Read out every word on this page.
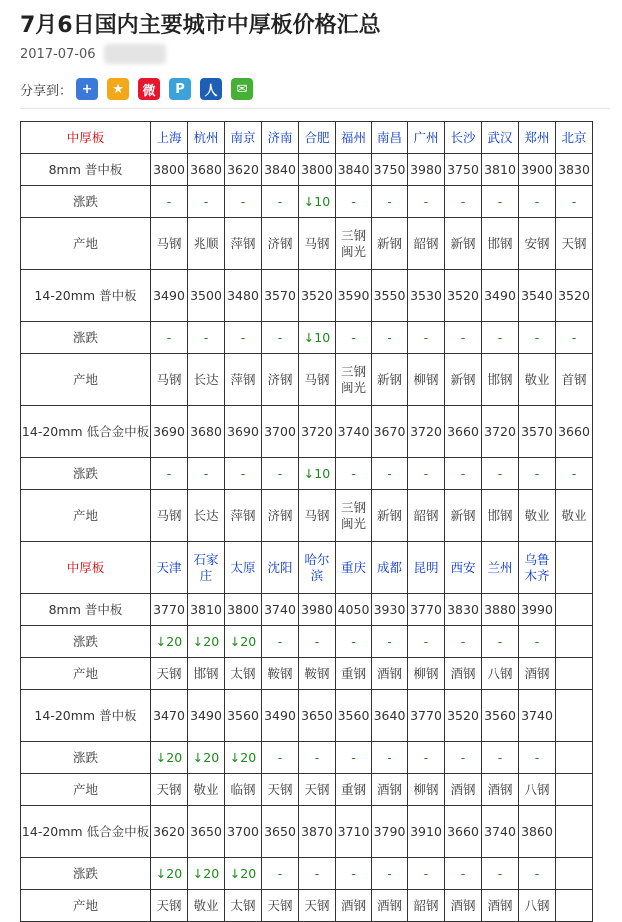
7月6日国内主要城市中厚板价格汇总
2017-07-06
分享到： +	★	微	P	人	✉
中厚板	上海	杭州	南京	济南	合肥	福州	南昌	广州	长沙	武汉	郑州	北京
8mm 普中板	3800	3680	3620	3840	3800	3840	3750	3980	3750	3810	3900	3830
涨跌	-	-	-	-	↓10	-	-	-	-	-	-	-
产地	马钢	兆顺	萍钢	济钢	马钢	三钢闽光	新钢	韶钢	新钢	邯钢	安钢	天钢
14-20mm 普中板	3490	3500	3480	3570	3520	3590	3550	3530	3520	3490	3540	3520
涨跌	-	-	-	-	↓10	-	-	-	-	-	-	-
产地	马钢	长达	萍钢	济钢	马钢	三钢闽光	新钢	柳钢	新钢	邯钢	敬业	首钢
14-20mm 低合金中板	3690	3680	3690	3700	3720	3740	3670	3720	3660	3720	3570	3660
涨跌	-	-	-	-	↓10	-	-	-	-	-	-	-
产地	马钢	长达	萍钢	济钢	马钢	三钢闽光	新钢	韶钢	新钢	邯钢	敬业	敬业
中厚板	天津	石家庄	太原	沈阳	哈尔滨	重庆	成都	昆明	西安	兰州	乌鲁木齐	
8mm 普中板	3770	3810	3800	3740	3980	4050	3930	3770	3830	3880	3990	
涨跌	↓20	↓20	↓20	-	-	-	-	-	-	-	-	
产地	天钢	邯钢	太钢	鞍钢	鞍钢	重钢	酒钢	柳钢	酒钢	八钢	酒钢	
14-20mm 普中板	3470	3490	3560	3490	3650	3560	3640	3770	3520	3560	3740	
涨跌	↓20	↓20	↓20	-	-	-	-	-	-	-	-	
产地	天钢	敬业	临钢	天钢	天钢	重钢	酒钢	柳钢	酒钢	酒钢	八钢	
14-20mm 低合金中板	3620	3650	3700	3650	3870	3710	3790	3910	3660	3740	3860	
涨跌	↓20	↓20	↓20	-	-	-	-	-	-	-	-	
产地	天钢	敬业	太钢	天钢	天钢	酒钢	酒钢	韶钢	酒钢	酒钢	八钢	
